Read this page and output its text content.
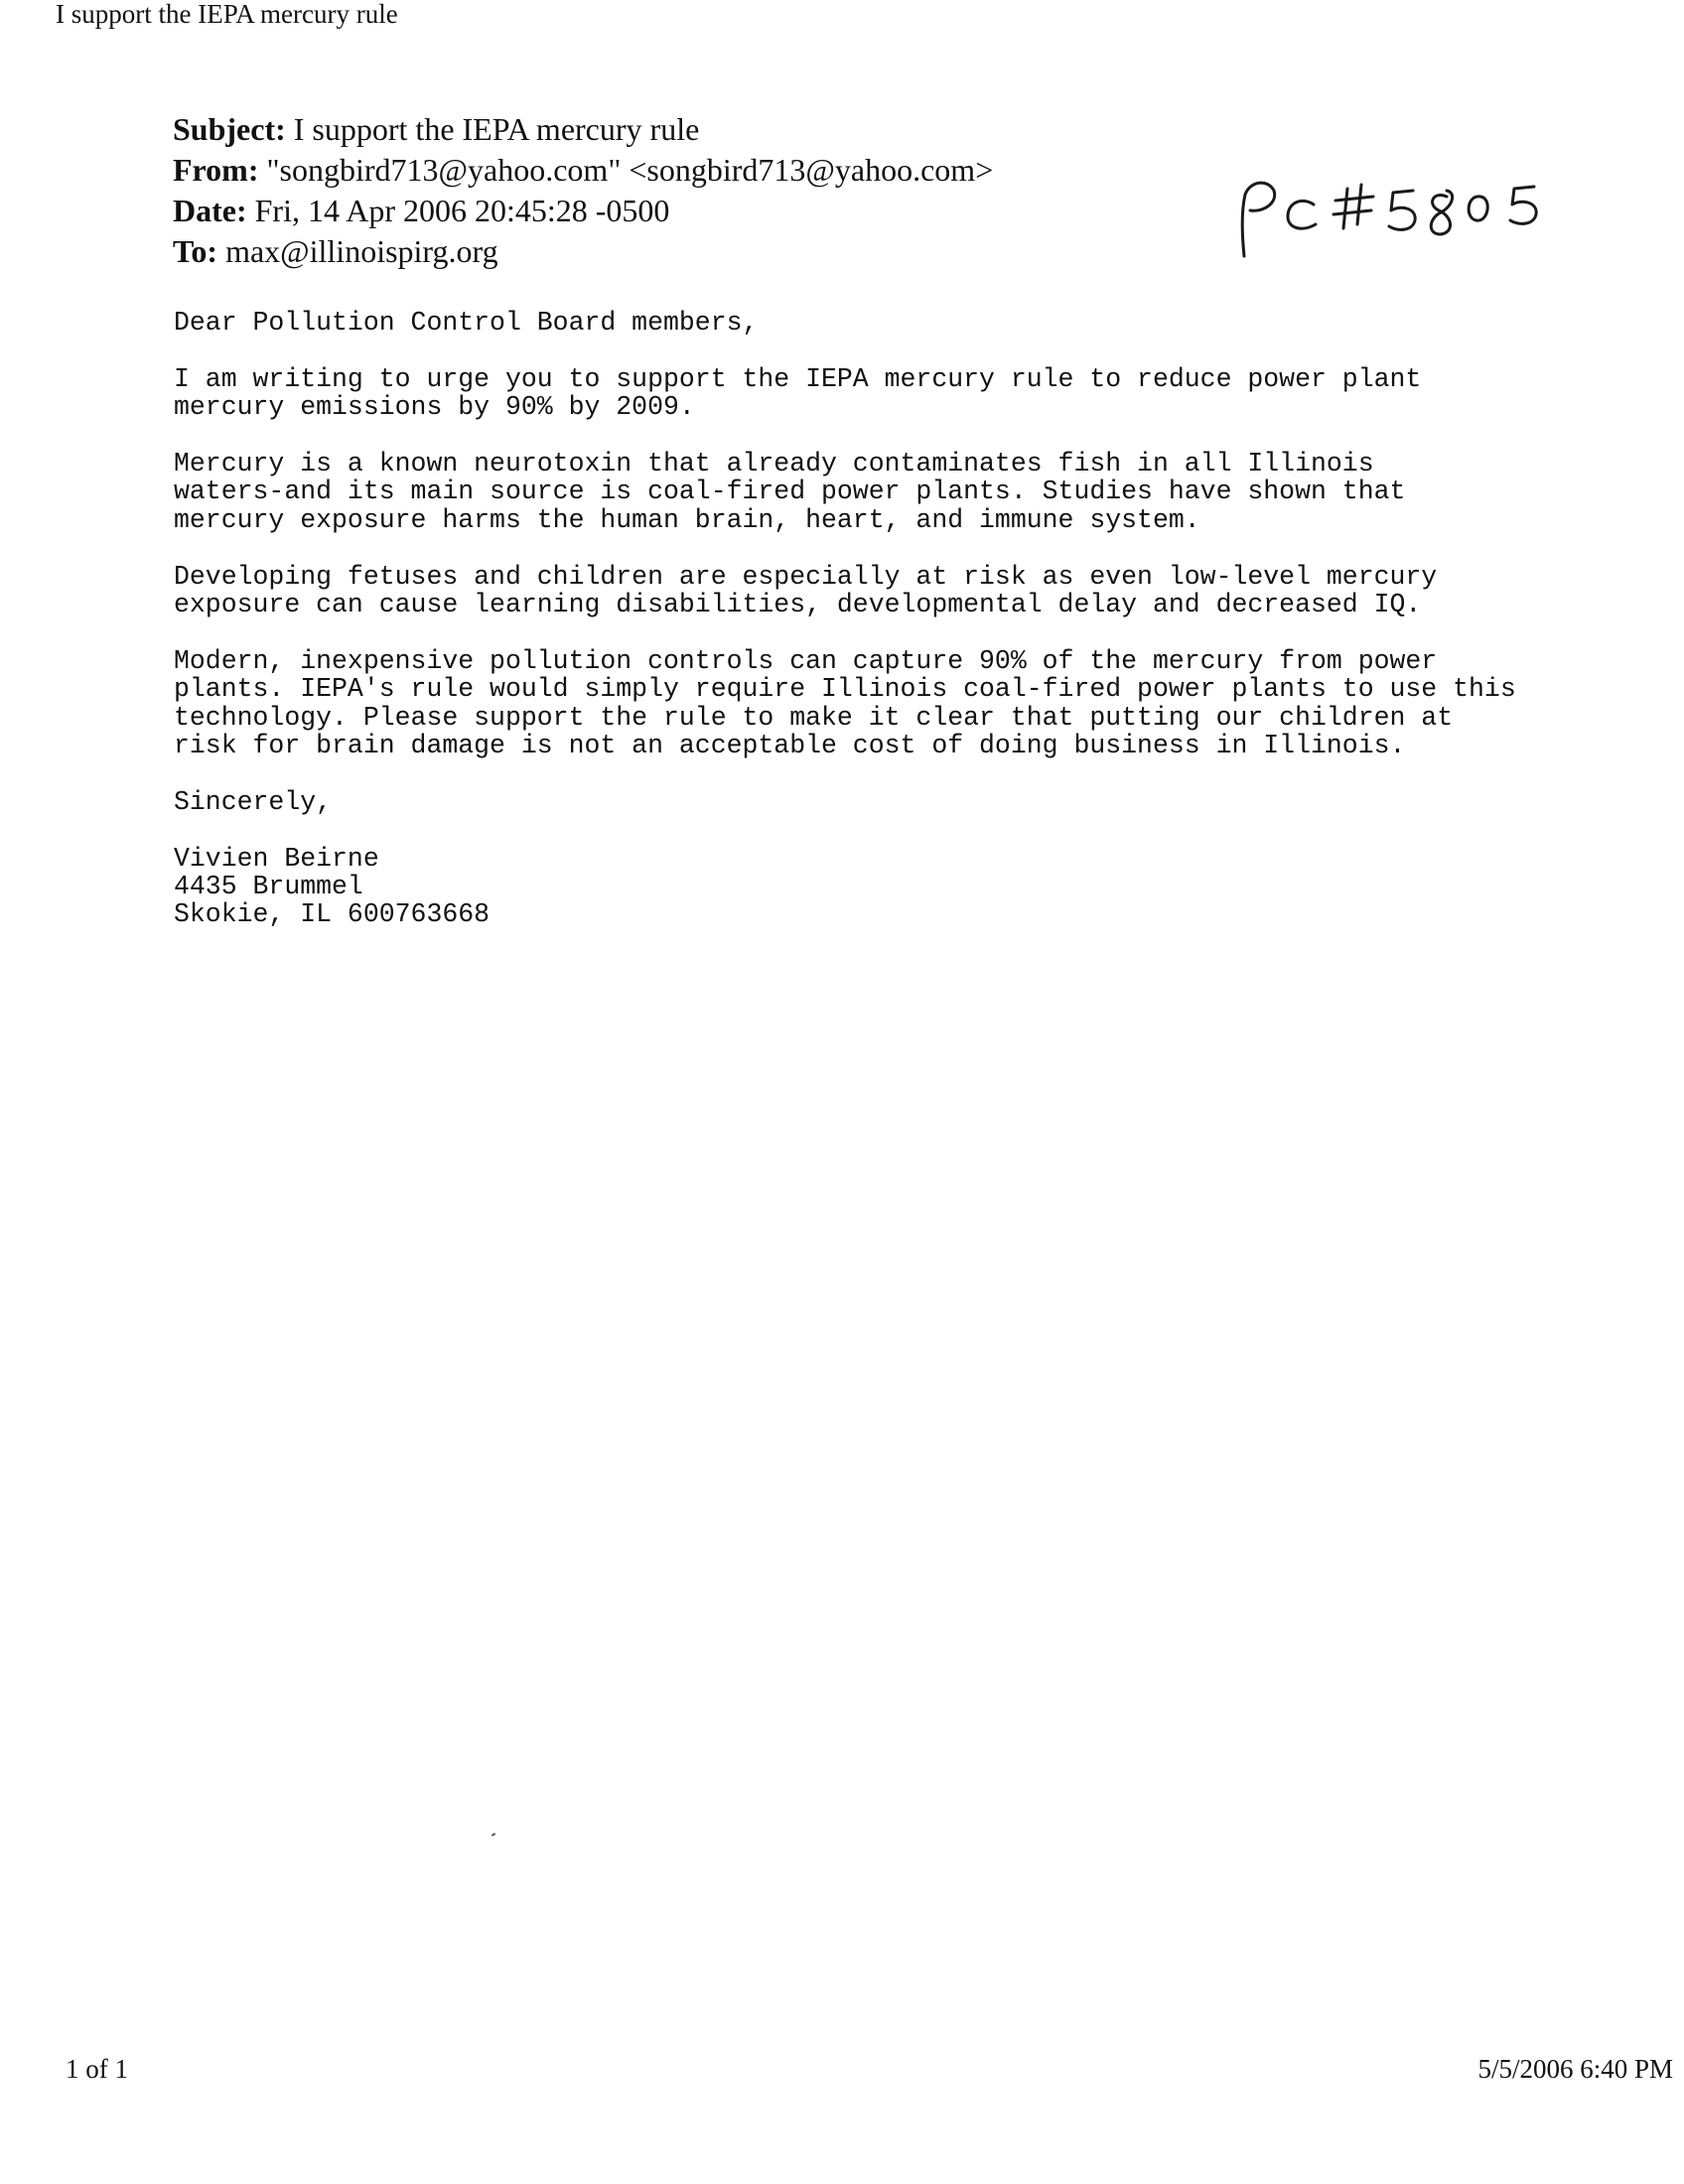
I support the IEPA mercury rule
Subject: I support the IEPA mercury rule
From: "songbird713@yahoo.com" <songbird713@yahoo.com>
Date: Fri, 14 Apr 2006 20:45:28 -0500
To: max@illinoispirg.org
Dear Pollution Control Board members,
I am writing to urge you to support the IEPA mercury rule to reduce power plant
mercury emissions by 90% by 2009.
Mercury is a known neurotoxin that already contaminates fish in all Illinois
waters-and its main source is coal-fired power plants. Studies have shown that
mercury exposure harms the human brain, heart, and immune system.
Developing fetuses and children are especially at risk as even low-level mercury
exposure can cause learning disabilities, developmental delay and decreased IQ.
Modern, inexpensive pollution controls can capture 90% of the mercury from power
plants. IEPA's rule would simply require Illinois coal-fired power plants to use this
technology. Please support the rule to make it clear that putting our children at
risk for brain damage is not an acceptable cost of doing business in Illinois.
Sincerely,
Vivien Beirne
4435 Brummel
Skokie, IL 600763668
1 of 1	5/5/2006 6:40 PM
